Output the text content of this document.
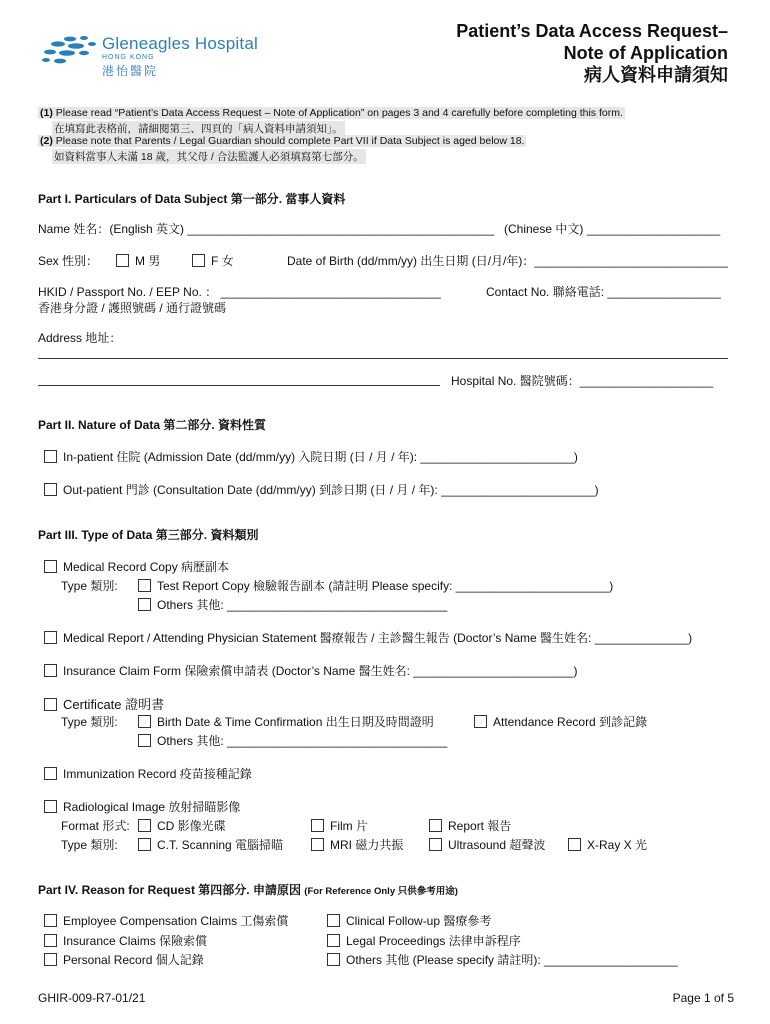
Gleneagles Hospital
HONG KONG
港怡醫院
Patient’s Data Access Request–
Note of Application
病人資料申請須知
(1) Please read “Patient’s Data Access Request – Note of Application” on pages 3 and 4 carefully before completing this form.
在填寫此表格前，請細閱第三、四頁的「病人資料申請須知」。
(2) Please note that Parents / Legal Guardian should complete Part VII if Data Subject is aged below 18.
如資料當事人未滿 18 歲，其父母 / 合法監護人必須填寫第七部分。
Part I. Particulars of Data Subject 第一部分. 當事人資料
Name 姓名：(English 英文) ______________________________________________ (Chinese 中文) ____________________
Sex 性別：	M 男	F 女	Date of Birth (dd/mm/yy) 出生日期 (日/月/年)：_____________________________
HKID / Passport No. / EEP No. ： _________________________________
香港身分證 / 護照號碼 / 通行證號碼
Contact No. 聯絡電話: _________________
Address 地址：
Hospital No. 醫院號碼：____________________
Part II. Nature of Data 第二部分. 資料性質
In-patient 住院 (Admission Date (dd/mm/yy) 入院日期 (日 / 月 / 年): _______________________)
Out-patient 門診 (Consultation Date (dd/mm/yy) 到診日期 (日 / 月 / 年): _______________________)
Part III. Type of Data 第三部分. 資料類別
Medical Record Copy 病歷副本
Type 類別:	Test Report Copy 檢驗報告副本 (請註明 Please specify: _______________________)
Others 其他: _________________________________
Medical Report / Attending Physician Statement 醫療報告 / 主診醫生報告 (Doctor’s Name 醫生姓名: ______________)
Insurance Claim Form 保險索償申請表 (Doctor’s Name 醫生姓名: ________________________)
Certificate 證明書
Type 類別:	Birth Date & Time Confirmation 出生日期及時間證明	Attendance Record 到診記錄
Others 其他: _________________________________
Immunization Record 疫苗接種記錄
Radiological Image 放射掃瞄影像
Format 形式:	CD 影像光碟	Film 片	Report 報告
Type 類別:	C.T. Scanning 電腦掃瞄	MRI 磁力共振	Ultrasound 超聲波	X-Ray X 光
Part IV. Reason for Request 第四部分. 申請原因 (For Reference Only 只供參考用途)
Employee Compensation Claims 工傷索償
Insurance Claims 保險索償
Personal Record 個人記錄
Clinical Follow-up 醫療參考
Legal Proceedings 法律申訴程序
Others 其他 (Please specify 請註明): ____________________
GHIR-009-R7-01/21	Page 1 of 5
